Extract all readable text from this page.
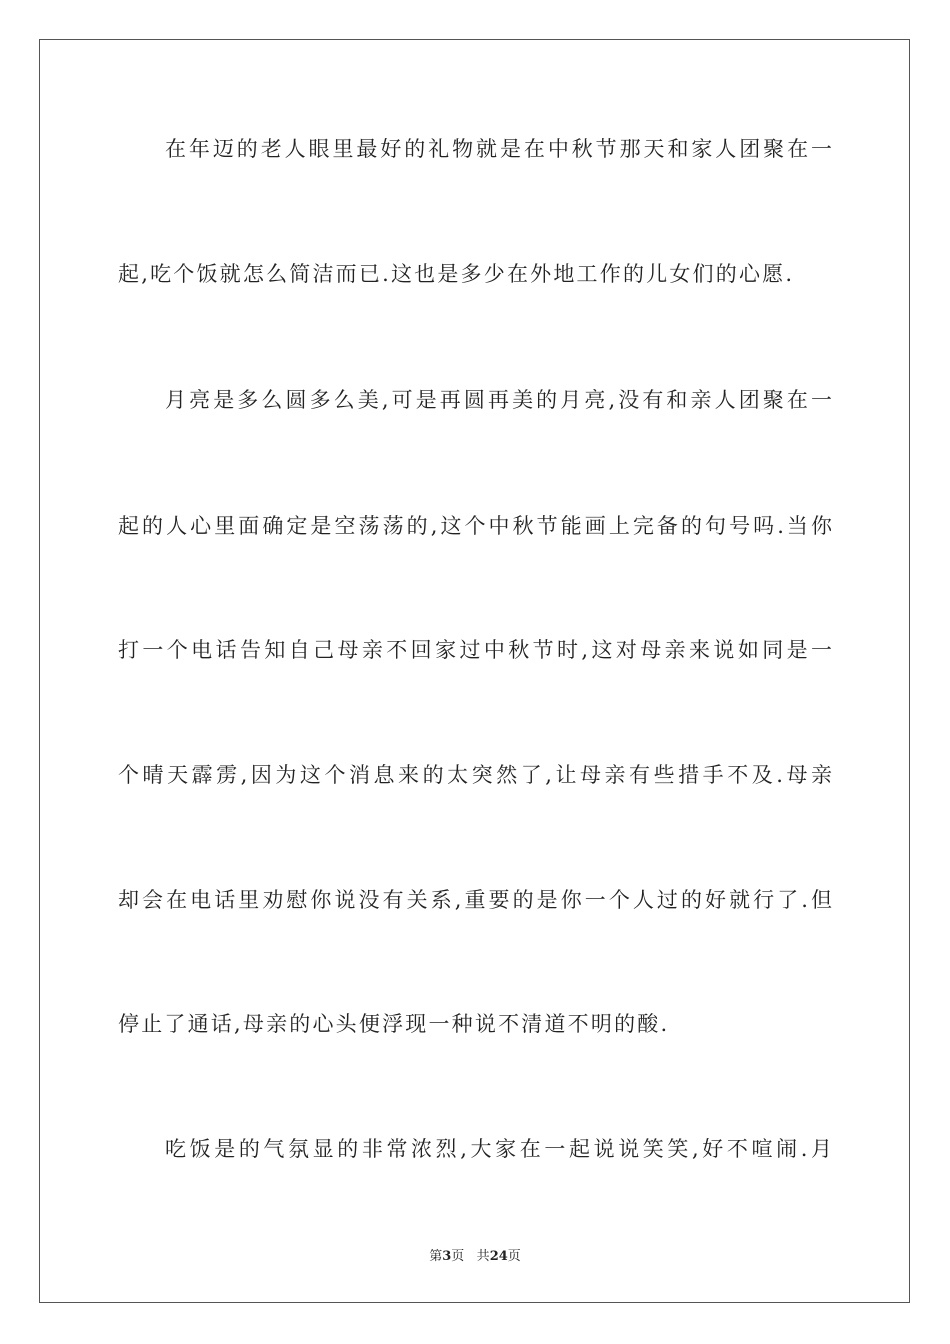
在年迈的老人眼里最好的礼物就是在中秋节那天和家人团聚在一
起,吃个饭就怎么简洁而已.这也是多少在外地工作的儿女们的心愿.
月亮是多么圆多么美,可是再圆再美的月亮,没有和亲人团聚在一
起的人心里面确定是空荡荡的,这个中秋节能画上完备的句号吗.当你
打一个电话告知自己母亲不回家过中秋节时,这对母亲来说如同是一
个晴天霹雳,因为这个消息来的太突然了,让母亲有些措手不及.母亲
却会在电话里劝慰你说没有关系,重要的是你一个人过的好就行了.但
停止了通话,母亲的心头便浮现一种说不清道不明的酸.
吃饭是的气氛显的非常浓烈,大家在一起说说笑笑,好不喧闹.月
第3页 共24页
